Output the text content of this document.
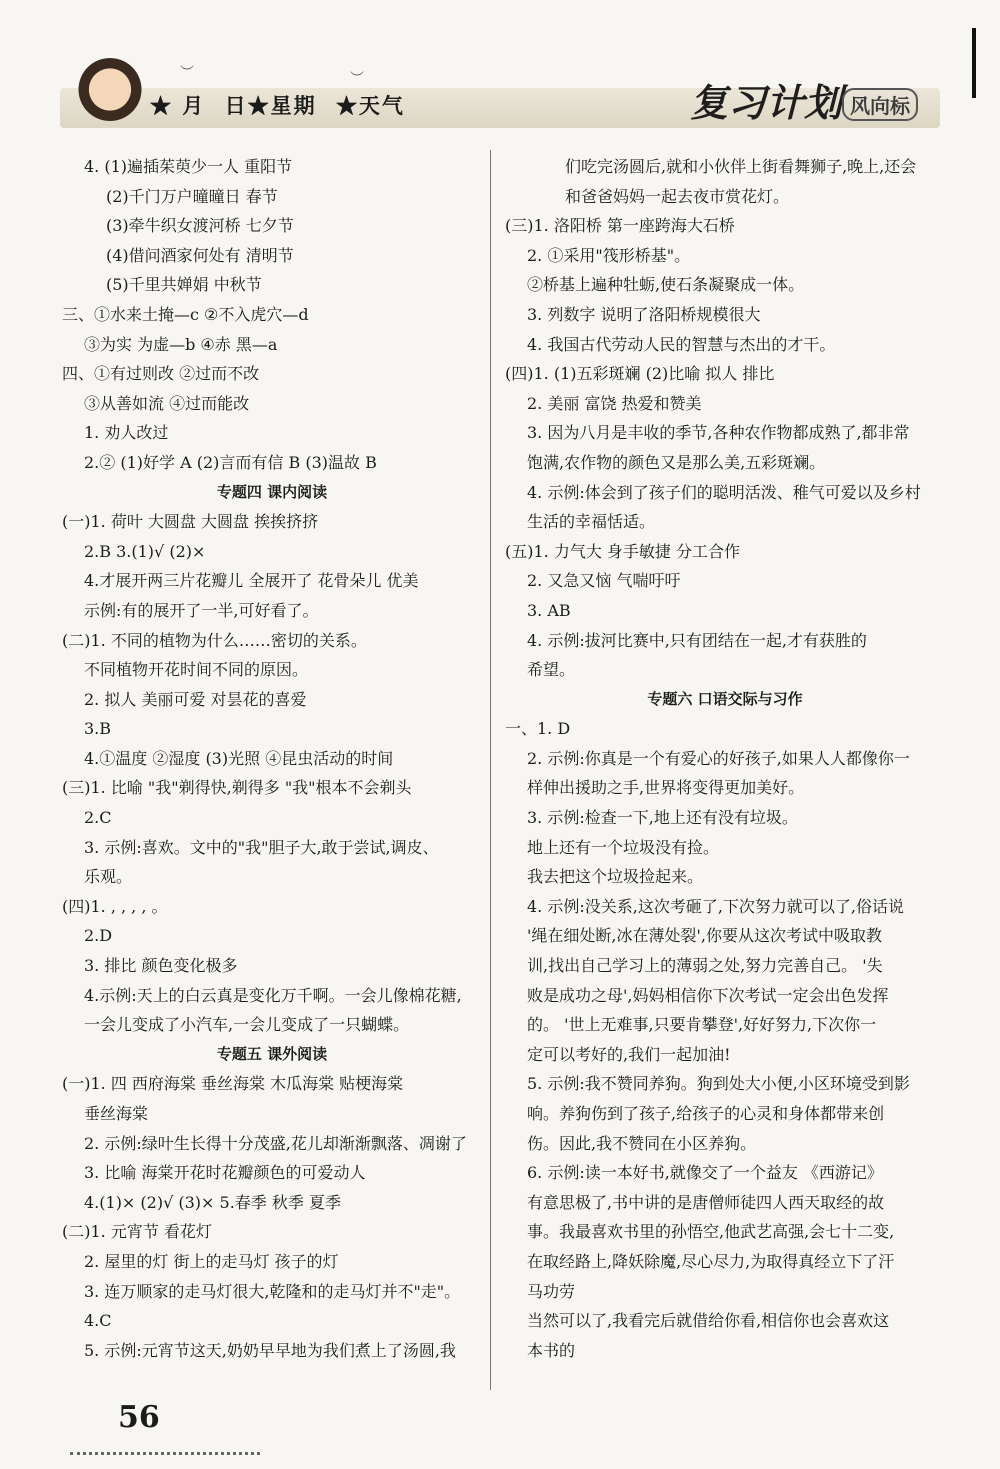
︶	︶
★ 月 日★星期 ★天气	复习计划 风向标
4. (1)遍插茱萸少一人 重阳节
(2)千门万户曈曈日 春节
(3)牵牛织女渡河桥 七夕节
(4)借问酒家何处有 清明节
(5)千里共婵娟 中秋节
三、①水来土掩—c ②不入虎穴—d
③为实 为虚—b ④赤 黑—a
四、①有过则改 ②过而不改
③从善如流 ④过而能改
1. 劝人改过
2.② (1)好学 A (2)言而有信 B (3)温故 B
专题四 课内阅读
(一)1. 荷叶 大圆盘 大圆盘 挨挨挤挤
2.B 3.(1)√ (2)×
4.才展开两三片花瓣儿 全展开了 花骨朵儿 优美
示例:有的展开了一半,可好看了。
(二)1. 不同的植物为什么……密切的关系。
不同植物开花时间不同的原因。
2. 拟人 美丽可爱 对昙花的喜爱
3.B
4.①温度 ②湿度 (3)光照 ④昆虫活动的时间
(三)1. 比喻 "我"剃得快,剃得多 "我"根本不会剃头
2.C
3. 示例:喜欢。文中的"我"胆子大,敢于尝试,调皮、
乐观。
(四)1. , , , , 。
2.D
3. 排比 颜色变化极多
4.示例:天上的白云真是变化万千啊。一会儿像棉花糖,
一会儿变成了小汽车,一会儿变成了一只蝴蝶。
专题五 课外阅读
(一)1. 四 西府海棠 垂丝海棠 木瓜海棠 贴梗海棠
垂丝海棠
2. 示例:绿叶生长得十分茂盛,花儿却渐渐飘落、凋谢了
3. 比喻 海棠开花时花瓣颜色的可爱动人
4.(1)× (2)√ (3)× 5.春季 秋季 夏季
(二)1. 元宵节 看花灯
2. 屋里的灯 街上的走马灯 孩子的灯
3. 连万顺家的走马灯很大,乾隆和的走马灯并不"走"。
4.C
5. 示例:元宵节这天,奶奶早早地为我们煮上了汤圆,我
们吃完汤圆后,就和小伙伴上街看舞狮子,晚上,还会
和爸爸妈妈一起去夜市赏花灯。
(三)1. 洛阳桥 第一座跨海大石桥
2. ①采用"筏形桥基"。
②桥基上遍种牡蛎,使石条凝聚成一体。
3. 列数字 说明了洛阳桥规模很大
4. 我国古代劳动人民的智慧与杰出的才干。
(四)1. (1)五彩斑斓 (2)比喻 拟人 排比
2. 美丽 富饶 热爱和赞美
3. 因为八月是丰收的季节,各种农作物都成熟了,都非常
饱满,农作物的颜色又是那么美,五彩斑斓。
4. 示例:体会到了孩子们的聪明活泼、稚气可爱以及乡村
生活的幸福恬适。
(五)1. 力气大 身手敏捷 分工合作
2. 又急又恼 气喘吁吁
3. AB
4. 示例:拔河比赛中,只有团结在一起,才有获胜的
希望。
专题六 口语交际与习作
一、1. D
2. 示例:你真是一个有爱心的好孩子,如果人人都像你一
样伸出援助之手,世界将变得更加美好。
3. 示例:检查一下,地上还有没有垃圾。
地上还有一个垃圾没有捡。
我去把这个垃圾捡起来。
4. 示例:没关系,这次考砸了,下次努力就可以了,俗话说
'绳在细处断,冰在薄处裂',你要从这次考试中吸取教
训,找出自己学习上的薄弱之处,努力完善自己。 '失
败是成功之母',妈妈相信你下次考试一定会出色发挥
的。 '世上无难事,只要肯攀登',好好努力,下次你一
定可以考好的,我们一起加油!
5. 示例:我不赞同养狗。狗到处大小便,小区环境受到影
响。养狗伤到了孩子,给孩子的心灵和身体都带来创
伤。因此,我不赞同在小区养狗。
6. 示例:读一本好书,就像交了一个益友 《西游记》
有意思极了,书中讲的是唐僧师徒四人西天取经的故
事。我最喜欢书里的孙悟空,他武艺高强,会七十二变,
在取经路上,降妖除魔,尽心尽力,为取得真经立下了汗
马功劳
当然可以了,我看完后就借给你看,相信你也会喜欢这
本书的
56
